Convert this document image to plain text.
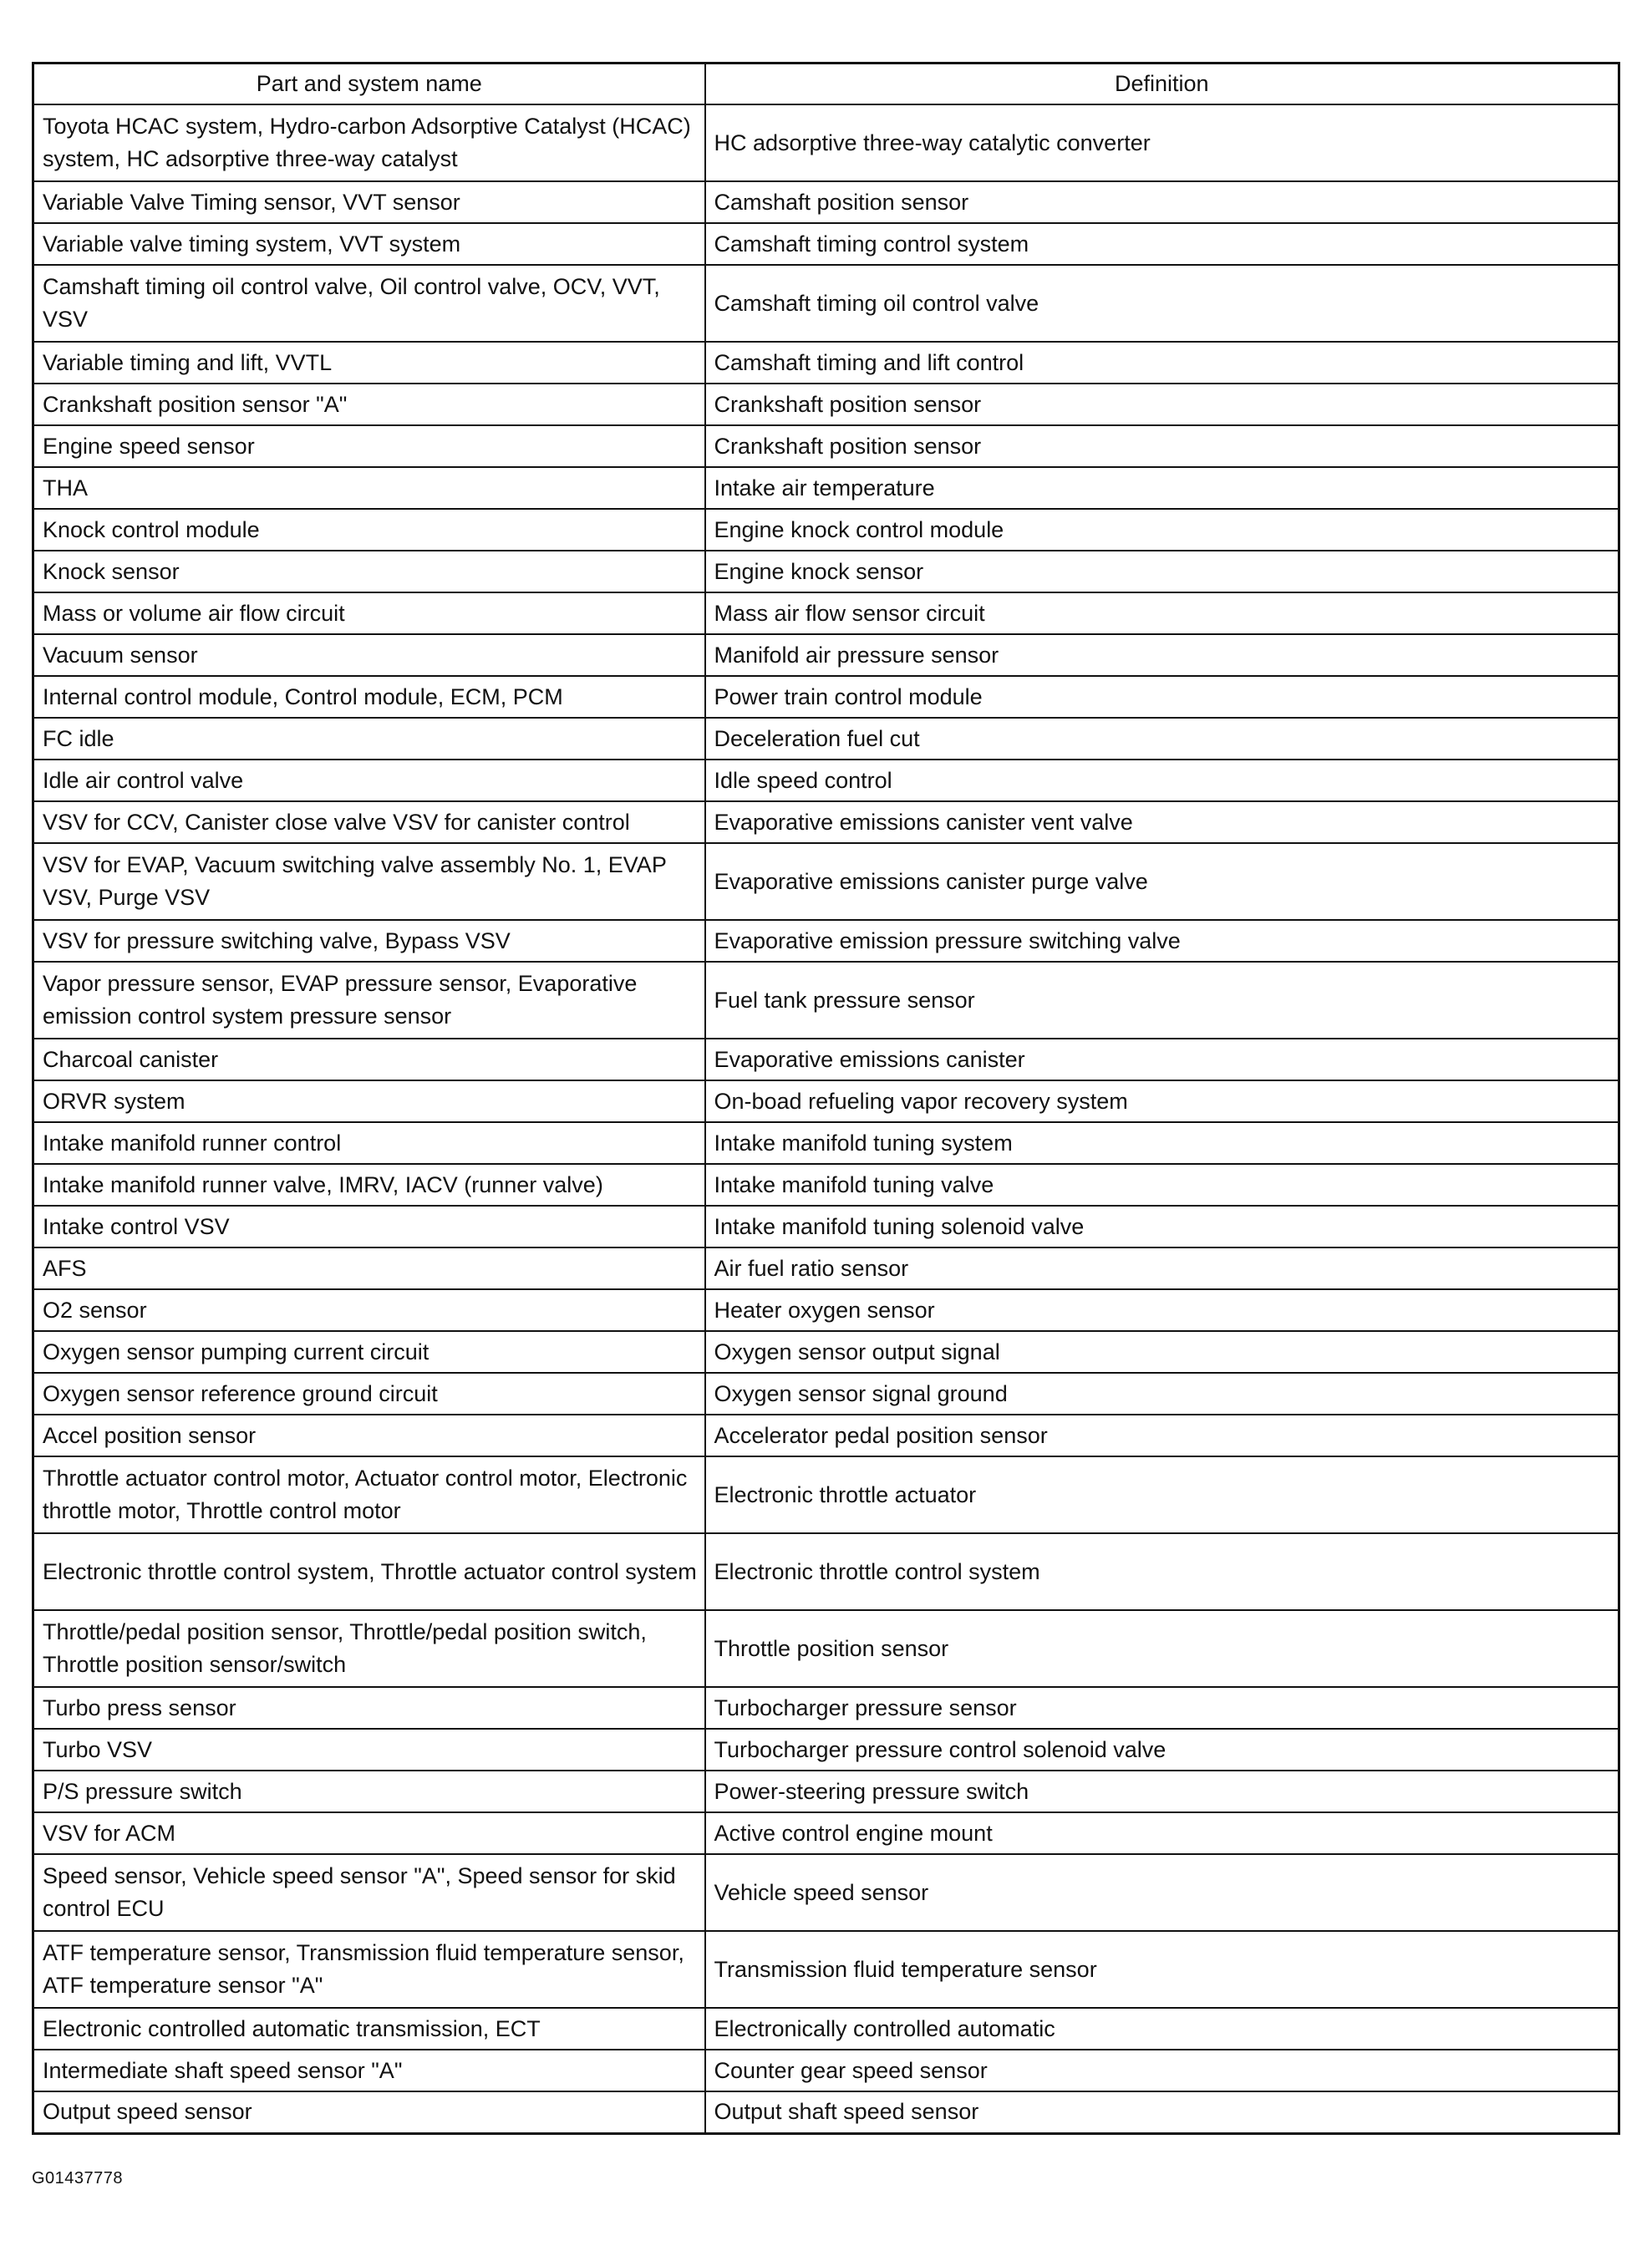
Part and system name	Definition
Toyota HCAC system, Hydro-carbon Adsorptive Catalyst (HCAC) system, HC adsorptive three-way catalyst	HC adsorptive three-way catalytic converter
Variable Valve Timing sensor, VVT sensor	Camshaft position sensor
Variable valve timing system, VVT system	Camshaft timing control system
Camshaft timing oil control valve, Oil control valve, OCV, VVT, VSV	Camshaft timing oil control valve
Variable timing and lift, VVTL	Camshaft timing and lift control
Crankshaft position sensor "A"	Crankshaft position sensor
Engine speed sensor	Crankshaft position sensor
THA	Intake air temperature
Knock control module	Engine knock control module
Knock sensor	Engine knock sensor
Mass or volume air flow circuit	Mass air flow sensor circuit
Vacuum sensor	Manifold air pressure sensor
Internal control module, Control module, ECM, PCM	Power train control module
FC idle	Deceleration fuel cut
Idle air control valve	Idle speed control
VSV for CCV, Canister close valve VSV for canister control	Evaporative emissions canister vent valve
VSV for EVAP, Vacuum switching valve assembly No. 1, EVAP VSV, Purge VSV	Evaporative emissions canister purge valve
VSV for pressure switching valve, Bypass VSV	Evaporative emission pressure switching valve
Vapor pressure sensor, EVAP pressure sensor, Evaporative emission control system pressure sensor	Fuel tank pressure sensor
Charcoal canister	Evaporative emissions canister
ORVR system	On-boad refueling vapor recovery system
Intake manifold runner control	Intake manifold tuning system
Intake manifold runner valve, IMRV, IACV (runner valve)	Intake manifold tuning valve
Intake control VSV	Intake manifold tuning solenoid valve
AFS	Air fuel ratio sensor
O2 sensor	Heater oxygen sensor
Oxygen sensor pumping current circuit	Oxygen sensor output signal
Oxygen sensor reference ground circuit	Oxygen sensor signal ground
Accel position sensor	Accelerator pedal position sensor
Throttle actuator control motor, Actuator control motor, Electronic throttle motor, Throttle control motor	Electronic throttle actuator
Electronic throttle control system, Throttle actuator control system	Electronic throttle control system
Throttle/pedal position sensor, Throttle/pedal position switch, Throttle position sensor/switch	Throttle position sensor
Turbo press sensor	Turbocharger pressure sensor
Turbo VSV	Turbocharger pressure control solenoid valve
P/S pressure switch	Power-steering pressure switch
VSV for ACM	Active control engine mount
Speed sensor, Vehicle speed sensor "A", Speed sensor for skid control ECU	Vehicle speed sensor
ATF temperature sensor, Transmission fluid temperature sensor, ATF temperature sensor "A"	Transmission fluid temperature sensor
Electronic controlled automatic transmission, ECT	Electronically controlled automatic
Intermediate shaft speed sensor "A"	Counter gear speed sensor
Output speed sensor	Output shaft speed sensor
G01437778
